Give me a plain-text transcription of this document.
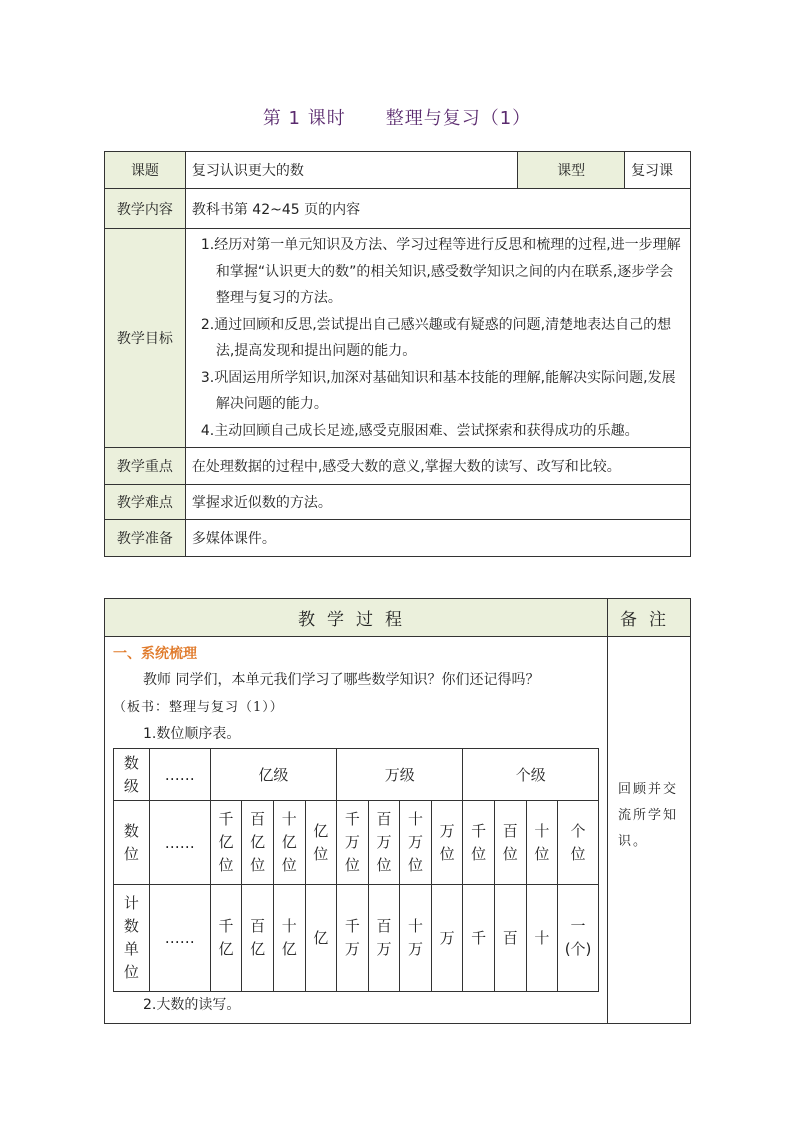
第 1 课时 整理与复习（1）
课题	复习认识更大的数	课型	复习课
教学内容	教科书第 42~45 页的内容		
教学目标	1.经历对第一单元知识及方法、学习过程等进行反思和梳理的过程,进一步理解和掌握“认识更大的数”的相关知识,感受数学知识之间的内在联系,逐步学会整理与复习的方法。

2.通过回顾和反思,尝试提出自己感兴趣或有疑惑的问题,清楚地表达自己的想法,提高发现和提出问题的能力。

3.巩固运用所学知识,加深对基础知识和基本技能的理解,能解决实际问题,发展解决问题的能力。

4.主动回顾自己成长足迹,感受克服困难、尝试探索和获得成功的乐趣。		

教学重点	在处理数据的过程中,感受大数的意义,掌握大数的读写、改写和比较。		
教学难点	掌握求近似数的方法。		
教学准备	多媒体课件。		
教学过程	备注

一、系统梳理

教师 同学们，本单元我们学习了哪些数学知识？你们还记得吗？

（板书：整理与复习（1））

1.数位顺序表。

数级	……	亿级	万级	个级
数位	……	千亿位	百亿位	十亿位	亿位	千万位	百万位	十万位	万位	千位	百位	十位	个位
计数单位	……	千亿	百亿	十亿	亿	千万	百万	十万	万	千	百	十	一(个)

2.大数的读写。

	回顾并交流所学知识。
